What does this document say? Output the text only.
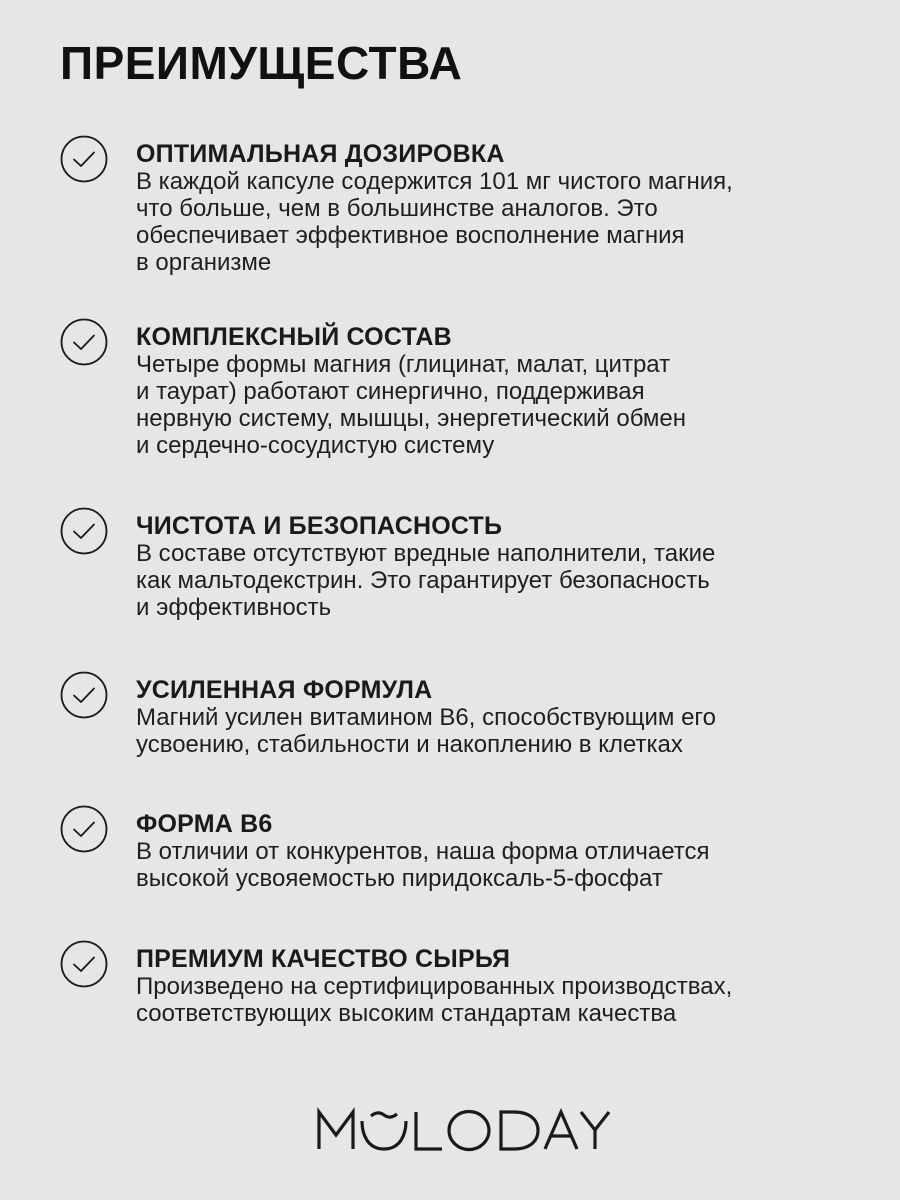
ПРЕИМУЩЕСТВА

ОПТИМАЛЬНАЯ ДОЗИРОВКА

В каждой капсуле содержится 101 мг чистого магния,
что больше, чем в большинстве аналогов. Это
обеспечивает эффективное восполнение магния
в организме

КОМПЛЕКСНЫЙ СОСТАВ

Четыре формы магния (глицинат, малат, цитрат
и таурат) работают синергично, поддерживая
нервную систему, мышцы, энергетический обмен
и сердечно-сосудистую систему

ЧИСТОТА И БЕЗОПАСНОСТЬ

В составе отсутствуют вредные наполнители, такие
как мальтодекстрин. Это гарантирует безопасность
и эффективность

УСИЛЕННАЯ ФОРМУЛА

Магний усилен витамином B6, способствующим его
усвоению, стабильности и накоплению в клетках

ФОРМА B6

В отличии от конкурентов, наша форма отличается
высокой усвояемостью пиридоксаль-5-фосфат

ПРЕМИУМ КАЧЕСТВО СЫРЬЯ

Произведено на сертифицированных производствах,
соответствующих высоким стандартам качества
